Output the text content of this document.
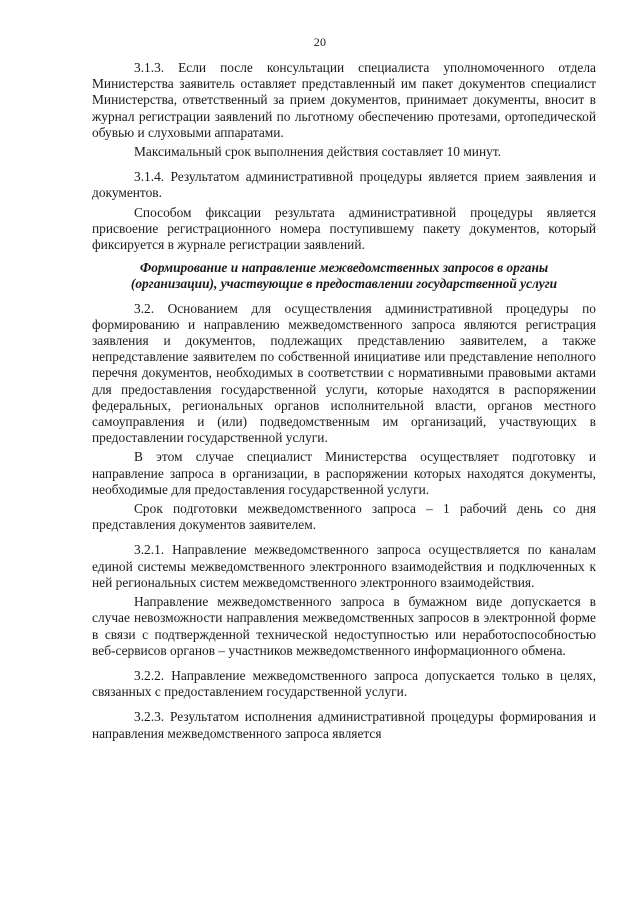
20

3.1.3. Если после консультации специалиста уполномоченного отдела Министерства заявитель оставляет представленный им пакет документов специалист Министерства, ответственный за прием документов, принимает документы, вносит в журнал регистрации заявлений по льготному обеспечению протезами, ортопедической обувью и слуховыми аппаратами.

Максимальный срок выполнения действия составляет 10 минут.

3.1.4. Результатом административной процедуры является прием заявления и документов.

Способом фиксации результата административной процедуры является присвоение регистрационного номера поступившему пакету документов, который фиксируется в журнале регистрации заявлений.

Формирование и направление межведомственных запросов в органы (организации), участвующие в предоставлении государственной услуги

3.2. Основанием для осуществления административной процедуры по формированию и направлению межведомственного запроса являются регистрация заявления и документов, подлежащих представлению заявителем, а также непредставление заявителем по собственной инициативе или представление неполного перечня документов, необходимых в соответствии с нормативными правовыми актами для предоставления государственной услуги, которые находятся в распоряжении федеральных, региональных органов исполнительной власти, органов местного самоуправления и (или) подведомственным им организаций, участвующих в предоставлении государственной услуги.

В этом случае специалист Министерства осуществляет подготовку и направление запроса в организации, в распоряжении которых находятся документы, необходимые для предоставления государственной услуги.

Срок подготовки межведомственного запроса – 1 рабочий день со дня представления документов заявителем.

3.2.1. Направление межведомственного запроса осуществляется по каналам единой системы межведомственного электронного взаимодействия и подключенных к ней региональных систем межведомственного электронного взаимодействия.

Направление межведомственного запроса в бумажном виде допускается в случае невозможности направления межведомственных запросов в электронной форме в связи с подтвержденной технической недоступностью или неработоспособностью веб-сервисов органов – участников межведомственного информационного обмена.

3.2.2. Направление межведомственного запроса допускается только в целях, связанных с предоставлением государственной услуги.

3.2.3. Результатом исполнения административной процедуры формирования и направления межведомственного запроса является
